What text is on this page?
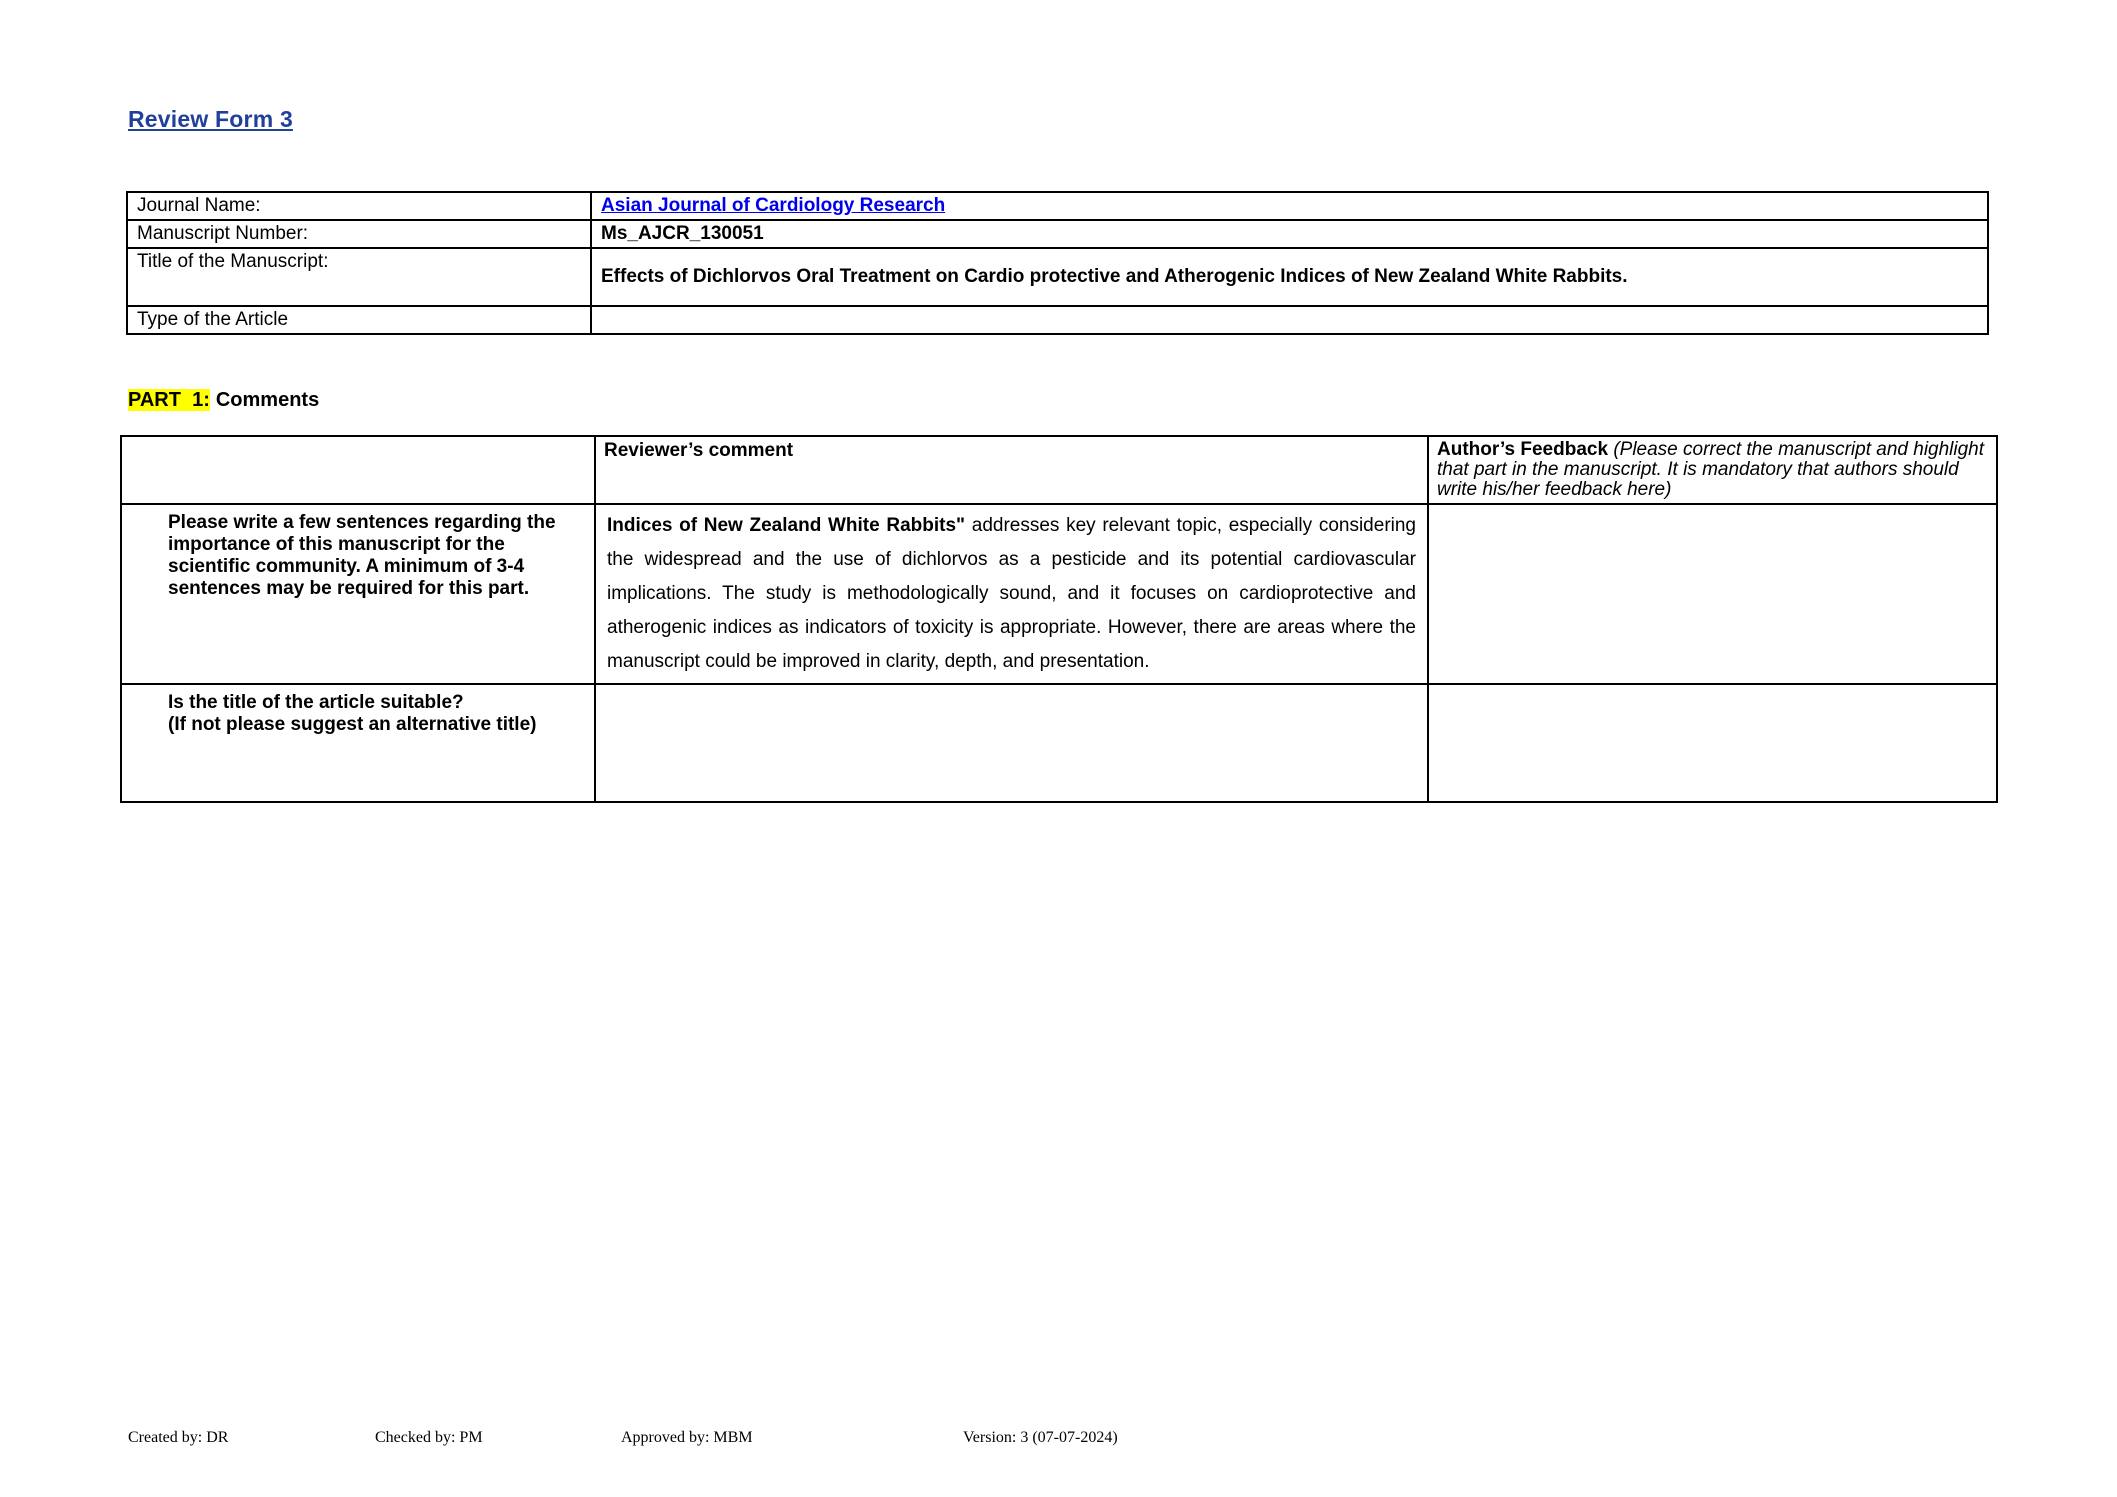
Review Form 3
Journal Name:	Asian Journal of Cardiology Research
Manuscript Number:	Ms_AJCR_130051
Title of the Manuscript:	Effects of Dichlorvos Oral Treatment on Cardio protective and Atherogenic Indices of New Zealand White Rabbits.
Type of the Article	
PART  1: Comments
	Reviewer’s comment	Author’s Feedback (Please correct the manuscript and highlight that part in the manuscript. It is mandatory that authors should write his/her feedback here)
Please write a few sentences regarding the importance of this manuscript for the scientific community. A minimum of 3-4 sentences may be required for this part.	Indices of New Zealand White Rabbits" addresses key relevant topic, especially considering the widespread and the use of dichlorvos as a pesticide and its potential cardiovascular implications. The study is methodologically sound, and it focuses on cardioprotective and atherogenic indices as indicators of toxicity is appropriate. However, there are areas where the manuscript could be improved in clarity, depth, and presentation.	

Is the title of the article suitable?
(If not please suggest an alternative title)		

Created by: DR	Checked by: PM	Approved by: MBM	Version: 3 (07-07-2024)
